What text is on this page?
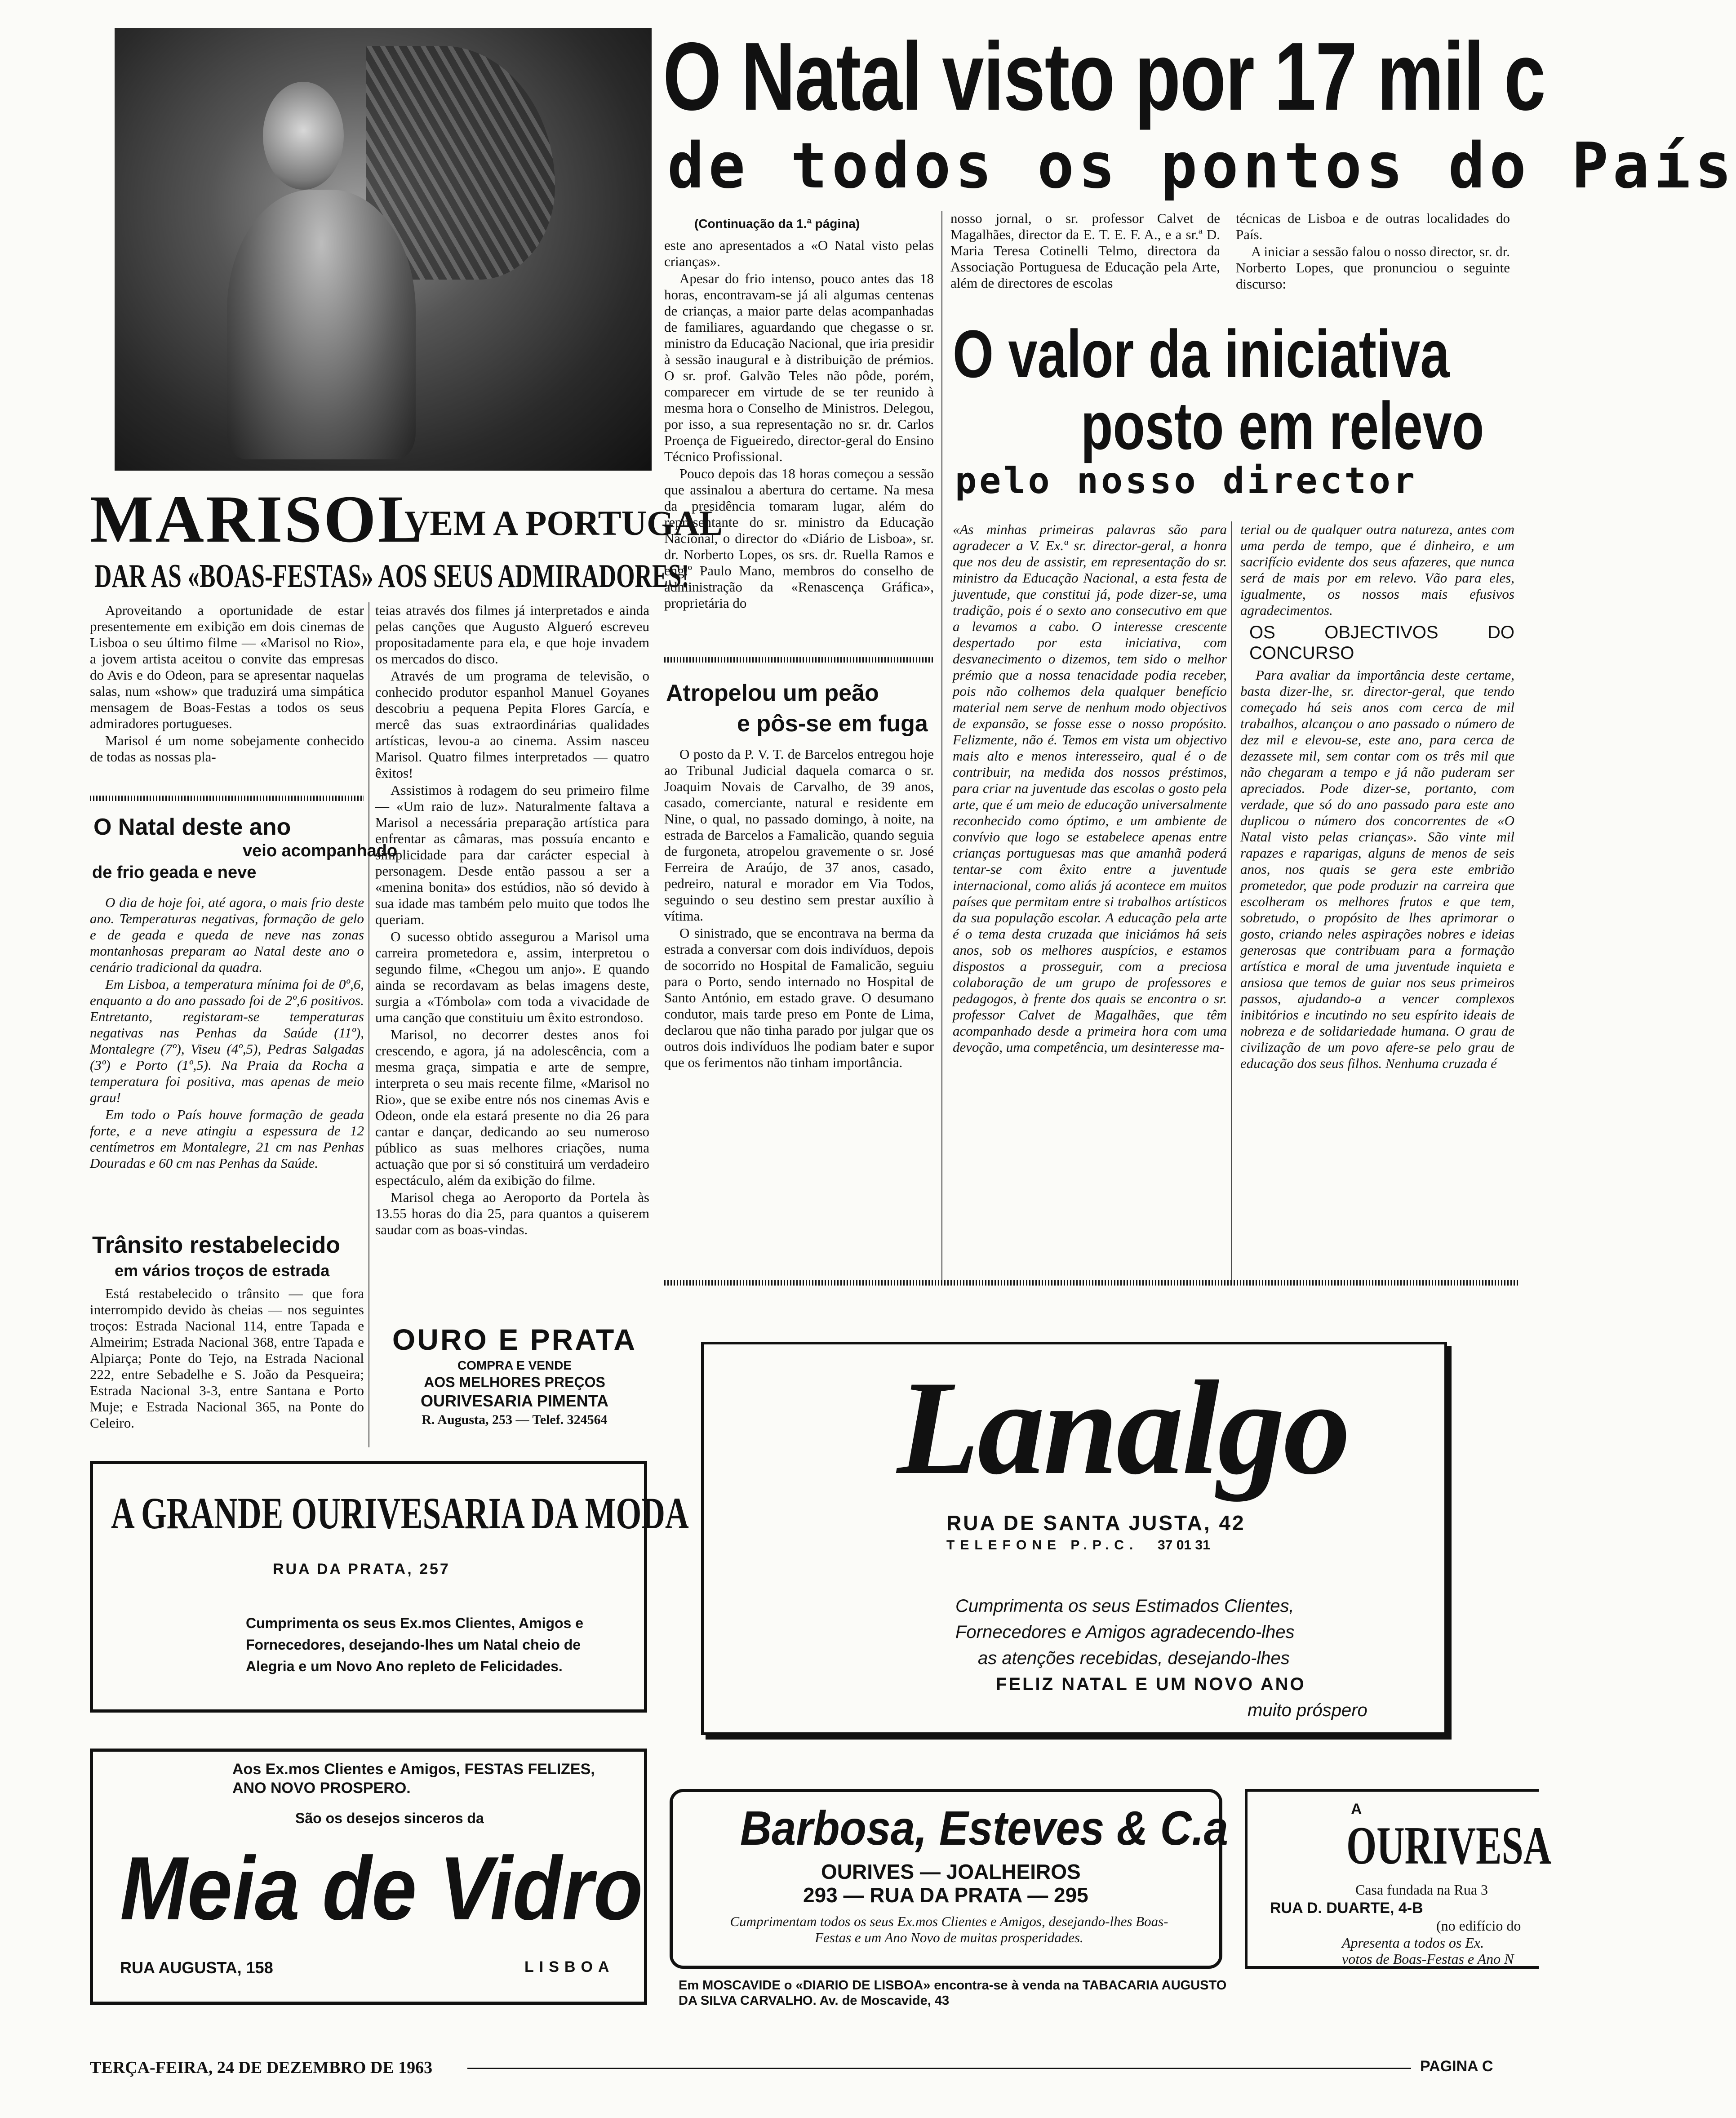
O Natal visto por 17 mil c
de todos os pontos do País
(Continuação da 1.ª página)

este ano apresentados a «O Natal visto pelas crianças».

Apesar do frio intenso, pouco antes das 18 horas, encontravam-se já ali algumas centenas de crianças, a maior parte delas acompanhadas de familiares, aguardando que chegasse o sr. ministro da Educação Nacional, que iria presidir à sessão inaugural e à distribuição de prémios. O sr. prof. Galvão Teles não pôde, porém, comparecer em virtude de se ter reunido à mesma hora o Conselho de Ministros. Delegou, por isso, a sua representação no sr. dr. Carlos Proença de Figueiredo, director-geral do Ensino Técnico Profissional.

Pouco depois das 18 horas começou a sessão que assinalou a abertura do certame. Na mesa da presidência tomaram lugar, além do representante do sr. ministro da Educação Nacional, o director do «Diário de Lisboa», sr. dr. Norberto Lopes, os srs. dr. Ruella Ramos e eng.º Paulo Mano, membros do conselho de administração da «Renascença Gráfica», proprietária do

nosso jornal, o sr. professor Calvet de Magalhães, director da E. T. E. F. A., e a sr.ª D. Maria Teresa Cotinelli Telmo, directora da Associação Portuguesa de Educação pela Arte, além de directores de escolas

técnicas de Lisboa e de outras localidades do País.

A iniciar a sessão falou o nosso director, sr. dr. Norberto Lopes, que pronunciou o seguinte discurso:

O valor da iniciativa
posto em relevo
pelo nosso director
«As minhas primeiras palavras são para agradecer a V. Ex.ª sr. director-geral, a honra que nos deu de assistir, em representação do sr. ministro da Educação Nacional, a esta festa de juventude, que constitui já, pode dizer-se, uma tradição, pois é o sexto ano consecutivo em que a levamos a cabo. O interesse crescente despertado por esta iniciativa, com desvanecimento o dizemos, tem sido o melhor prémio que a nossa tenacidade podia receber, pois não colhemos dela qualquer benefício material nem serve de nenhum modo objectivos de expansão, se fosse esse o nosso propósito. Felizmente, não é. Temos em vista um objectivo mais alto e menos interesseiro, qual é o de contribuir, na medida dos nossos préstimos, para criar na juventude das escolas o gosto pela arte, que é um meio de educação universalmente reconhecido como óptimo, e um ambiente de convívio que logo se estabelece apenas entre crianças portuguesas mas que amanhã poderá tentar-se com êxito entre a juventude internacional, como aliás já acontece em muitos países que permitam entre si trabalhos artísticos da sua população escolar. A educação pela arte é o tema desta cruzada que iniciámos há seis anos, sob os melhores auspícios, e estamos dispostos a prosseguir, com a preciosa colaboração de um grupo de professores e pedagogos, à frente dos quais se encontra o sr. professor Calvet de Magalhães, que têm acompanhado desde a primeira hora com uma devoção, uma competência, um desinteresse ma-
terial ou de qualquer outra natureza, antes com uma perda de tempo, que é dinheiro, e um sacrifício evidente dos seus afazeres, que nunca será de mais por em relevo. Vão para eles, igualmente, os nossos mais efusivos agradecimentos.
OS OBJECTIVOS DO CONCURSO
Para avaliar da importância deste certame, basta dizer-lhe, sr. director-geral, que tendo começado há seis anos com cerca de mil trabalhos, alcançou o ano passado o número de dez mil e elevou-se, este ano, para cerca de dezassete mil, sem contar com os três mil que não chegaram a tempo e já não puderam ser apreciados. Pode dizer-se, portanto, com verdade, que só do ano passado para este ano duplicou o número dos concorrentes de «O Natal visto pelas crianças». São vinte mil rapazes e raparigas, alguns de menos de seis anos, nos quais se gera este embrião prometedor, que pode produzir na carreira que escolheram os melhores frutos e que tem, sobretudo, o propósito de lhes aprimorar o gosto, criando neles aspirações nobres e ideias generosas que contribuam para a formação artística e moral de uma juventude inquieta e ansiosa que temos de guiar nos seus primeiros passos, ajudando-a a vencer complexos inibitórios e incutindo no seu espírito ideais de nobreza e de solidariedade humana. O grau de civilização de um povo afere-se pelo grau de educação dos seus filhos. Nenhuma cruzada é
Atropelou um peão
e pôs-se em fuga

O posto da P. V. T. de Barcelos entregou hoje ao Tribunal Judicial daquela comarca o sr. Joaquim Novais de Carvalho, de 39 anos, casado, comerciante, natural e residente em Nine, o qual, no passado domingo, à noite, na estrada de Barcelos a Famalicão, quando seguia de furgoneta, atropelou gravemente o sr. José Ferreira de Araújo, de 37 anos, casado, pedreiro, natural e morador em Via Todos, seguindo o seu destino sem prestar auxílio à vítima.

O sinistrado, que se encontrava na berma da estrada a conversar com dois indivíduos, depois de socorrido no Hospital de Famalicão, seguiu para o Porto, sendo internado no Hospital de Santo António, em estado grave. O desumano condutor, mais tarde preso em Ponte de Lima, declarou que não tinha parado por julgar que os outros dois indivíduos lhe podiam bater e supor que os ferimentos não tinham importância.

MARISOL
VEM A PORTUGAL
DAR AS «BOAS-FESTAS» AOS SEUS ADMIRADORES!

Aproveitando a oportunidade de estar presentemente em exibição em dois cinemas de Lisboa o seu último filme — «Marisol no Rio», a jovem artista aceitou o convite das empresas do Avis e do Odeon, para se apresentar naquelas salas, num «show» que traduzirá uma simpática mensagem de Boas-Festas a todos os seus admiradores portugueses.

Marisol é um nome sobejamente conhecido de todas as nossas pla-

teias através dos filmes já interpretados e ainda pelas canções que Augusto Algueró escreveu propositadamente para ela, e que hoje invadem os mercados do disco.

Através de um programa de televisão, o conhecido produtor espanhol Manuel Goyanes descobriu a pequena Pepita Flores García, e mercê das suas extraordinárias qualidades artísticas, levou-a ao cinema. Assim nasceu Marisol. Quatro filmes interpretados — quatro êxitos!

Assistimos à rodagem do seu primeiro filme — «Um raio de luz». Naturalmente faltava a Marisol a necessária preparação artística para enfrentar as câmaras, mas possuía encanto e simplicidade para dar carácter especial à personagem. Desde então passou a ser a «menina bonita» dos estúdios, não só devido à sua idade mas também pelo muito que todos lhe queriam.

O sucesso obtido assegurou a Marisol uma carreira prometedora e, assim, interpretou o segundo filme, «Chegou um anjo». E quando ainda se recordavam as belas imagens deste, surgia a «Tómbola» com toda a vivacidade de uma canção que constituiu um êxito estrondoso.

Marisol, no decorrer destes anos foi crescendo, e agora, já na adolescência, com a mesma graça, simpatia e arte de sempre, interpreta o seu mais recente filme, «Marisol no Rio», que se exibe entre nós nos cinemas Avis e Odeon, onde ela estará presente no dia 26 para cantar e dançar, dedicando ao seu numeroso público as suas melhores criações, numa actuação que por si só constituirá um verdadeiro espectáculo, além da exibição do filme.

Marisol chega ao Aeroporto da Portela às 13.55 horas do dia 25, para quantos a quiserem saudar com as boas-vindas.

O Natal deste ano
veio acompanhado
de frio geada e neve

O dia de hoje foi, até agora, o mais frio deste ano. Temperaturas negativas, formação de gelo e de geada e queda de neve nas zonas montanhosas preparam ao Natal deste ano o cenário tradicional da quadra.

Em Lisboa, a temperatura mínima foi de 0º,6, enquanto a do ano passado foi de 2º,6 positivos. Entretanto, registaram-se temperaturas negativas nas Penhas da Saúde (11º), Montalegre (7º), Viseu (4º,5), Pedras Salgadas (3º) e Porto (1º,5). Na Praia da Rocha a temperatura foi positiva, mas apenas de meio grau!

Em todo o País houve formação de geada forte, e a neve atingiu a espessura de 12 centímetros em Montalegre, 21 cm nas Penhas Douradas e 60 cm nas Penhas da Saúde.

Trânsito restabelecido
em vários troços de estrada

Está restabelecido o trânsito — que fora interrompido devido às cheias — nos seguintes troços: Estrada Nacional 114, entre Tapada e Almeirim; Estrada Nacional 368, entre Tapada e Alpiarça; Ponte do Tejo, na Estrada Nacional 222, entre Sebadelhe e S. João da Pesqueira; Estrada Nacional 3-3, entre Santana e Porto Muje; e Estrada Nacional 365, na Ponte do Celeiro.

OURO E PRATA
COMPRA E VENDE
AOS MELHORES PREÇOS
OURIVESARIA PIMENTA
R. Augusta, 253 — Telef. 324564
A GRANDE OURIVESARIA DA MODA
RUA DA PRATA, 257
Cumprimenta os seus Ex.mos Clientes, Amigos e Fornecedores, desejando-lhes um Natal cheio de Alegria e um Novo Ano repleto de Felicidades.
Lanalgo
RUA DE SANTA JUSTA, 42
TELEFONE P.P.C. 37 01 31
Cumprimenta os seus Estimados Clientes,
Fornecedores e Amigos agradecendo-lhes
as atenções recebidas, desejando-lhes
FELIZ NATAL E UM NOVO ANO
muito próspero
Aos Ex.mos Clientes e Amigos, FESTAS FELIZES,
ANO NOVO PROSPERO.
São os desejos sinceros da
Meia de Vidro
RUA AUGUSTA, 158	LISBOA
Barbosa, Esteves & C.a
OURIVES — JOALHEIROS
293 — RUA DA PRATA — 295
Cumprimentam todos os seus Ex.mos Clientes e Amigos, desejando-lhes Boas-Festas e um Ano Novo de muitas prosperidades.
A
OURIVESA
Casa fundada na Rua 3
RUA D. DUARTE, 4-B
(no edifício do
Apresenta a todos os Ex.
votos de Boas-Festas e Ano N
Em MOSCAVIDE o «DIARIO DE LISBOA» encontra-se à venda na TABACARIA AUGUSTO DA SILVA CARVALHO. Av. de Moscavide, 43
TERÇA-FEIRA, 24 DE DEZEMBRO DE 1963	PAGINA C
